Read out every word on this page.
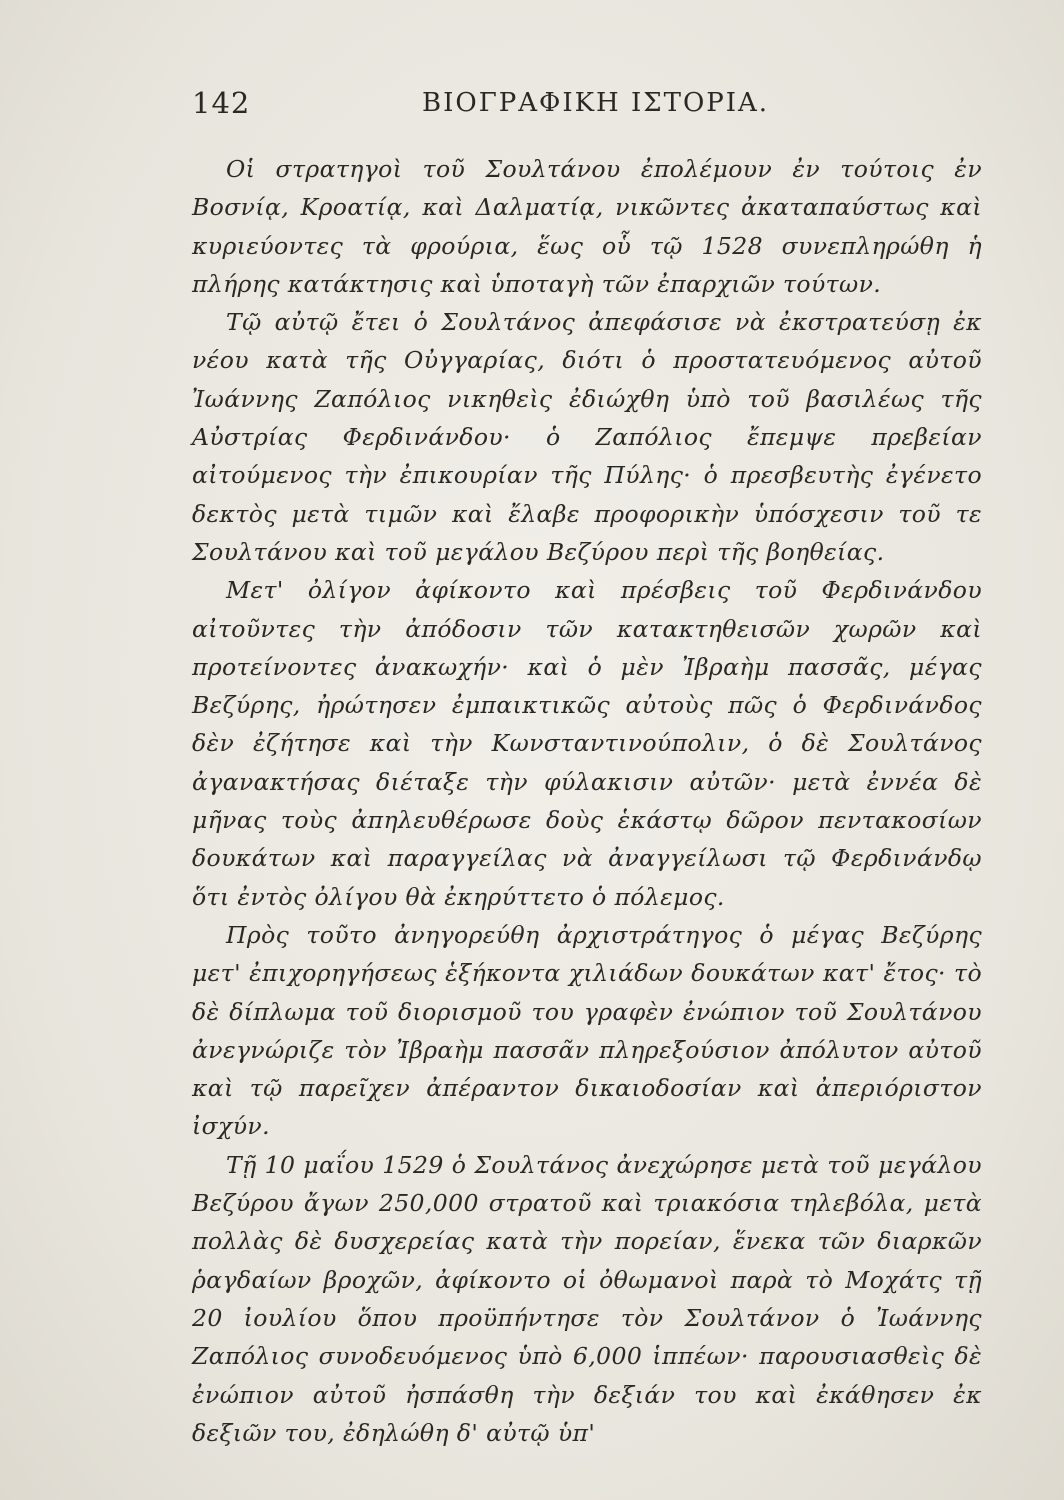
142	ΒΙΟΓΡΑΦΙΚΗ ΙΣΤΟΡΙΑ.

Οἱ στρατηγοὶ τοῦ Σουλτάνου ἐπολέμουν ἐν τούτοις ἐν Βοσνίᾳ, Κροατίᾳ, καὶ Δαλματίᾳ, νικῶντες ἀκαταπαύστως καὶ κυριεύοντες τὰ φρούρια, ἕως οὗ τῷ 1528 συνεπληρώθη ἡ πλήρης κατάκτησις καὶ ὑποταγὴ τῶν ἐπαρχιῶν τούτων.

Τῷ αὐτῷ ἔτει ὁ Σουλτάνος ἀπεφάσισε νὰ ἐκστρατεύσῃ ἐκ νέου κατὰ τῆς Οὐγγαρίας, διότι ὁ προστατευόμενος αὐτοῦ Ἰωάννης Ζαπόλιος νικηθεὶς ἐδιώχθη ὑπὸ τοῦ βασιλέως τῆς Αὐστρίας Φερδινάνδου· ὁ Ζαπόλιος ἔπεμψε πρεβείαν αἰτούμενος τὴν ἐπικουρίαν τῆς Πύλης· ὁ πρεσβευτὴς ἐγένετο δεκτὸς μετὰ τιμῶν καὶ ἔλαβε προφορικὴν ὑπόσχεσιν τοῦ τε Σουλτάνου καὶ τοῦ μεγάλου Βεζύρου περὶ τῆς βοηθείας.

Μετ' ὀλίγον ἀφίκοντο καὶ πρέσβεις τοῦ Φερδινάνδου αἰτοῦντες τὴν ἀπόδοσιν τῶν κατακτηθεισῶν χωρῶν καὶ προτείνοντες ἀνακωχήν· καὶ ὁ μὲν Ἰβραὴμ πασσᾶς, μέγας Βεζύρης, ἠρώτησεν ἐμπαικτικῶς αὐτοὺς πῶς ὁ Φερδινάνδος δὲν ἐζήτησε καὶ τὴν Κωνσταντινούπολιν, ὁ δὲ Σουλτάνος ἀγανακτήσας διέταξε τὴν φύλακισιν αὐτῶν· μετὰ ἐννέα δὲ μῆνας τοὺς ἀπηλευθέρωσε δοὺς ἑκάστῳ δῶρον πεντακοσίων δουκάτων καὶ παραγγείλας νὰ ἀναγγείλωσι τῷ Φερδινάνδῳ ὅτι ἐντὸς ὀλίγου θὰ ἐκηρύττετο ὁ πόλεμος.

Πρὸς τοῦτο ἀνηγορεύθη ἀρχιστράτηγος ὁ μέγας Βεζύρης μετ' ἐπιχορηγήσεως ἑξήκοντα χιλιάδων δουκάτων κατ' ἔτος· τὸ δὲ δίπλωμα τοῦ διορισμοῦ του γραφὲν ἐνώπιον τοῦ Σουλτάνου ἀνεγνώριζε τὸν Ἰβραὴμ πασσᾶν πληρεξούσιον ἀπόλυτον αὐτοῦ καὶ τῷ παρεῖχεν ἀπέραντον δικαιοδοσίαν καὶ ἀπεριόριστον ἰσχύν.

Τῇ 10 μαΐου 1529 ὁ Σουλτάνος ἀνεχώρησε μετὰ τοῦ μεγάλου Βεζύρου ἄγων 250,000 στρατοῦ καὶ τριακόσια τηλεβόλα, μετὰ πολλὰς δὲ δυσχερείας κατὰ τὴν πορείαν, ἕνεκα τῶν διαρκῶν ῥαγδαίων βροχῶν, ἀφίκοντο οἱ ὀθωμανοὶ παρὰ τὸ Μοχάτς τῇ 20 ἰουλίου ὅπου προϋπήντησε τὸν Σουλτάνον ὁ Ἰωάννης Ζαπόλιος συνοδευόμενος ὑπὸ 6,000 ἱππέων· παρουσιασθεὶς δὲ ἐνώπιον αὐτοῦ ἠσπάσθη τὴν δεξιάν του καὶ ἐκάθησεν ἐκ δεξιῶν του, ἐδηλώθη δ' αὐτῷ ὑπ'
